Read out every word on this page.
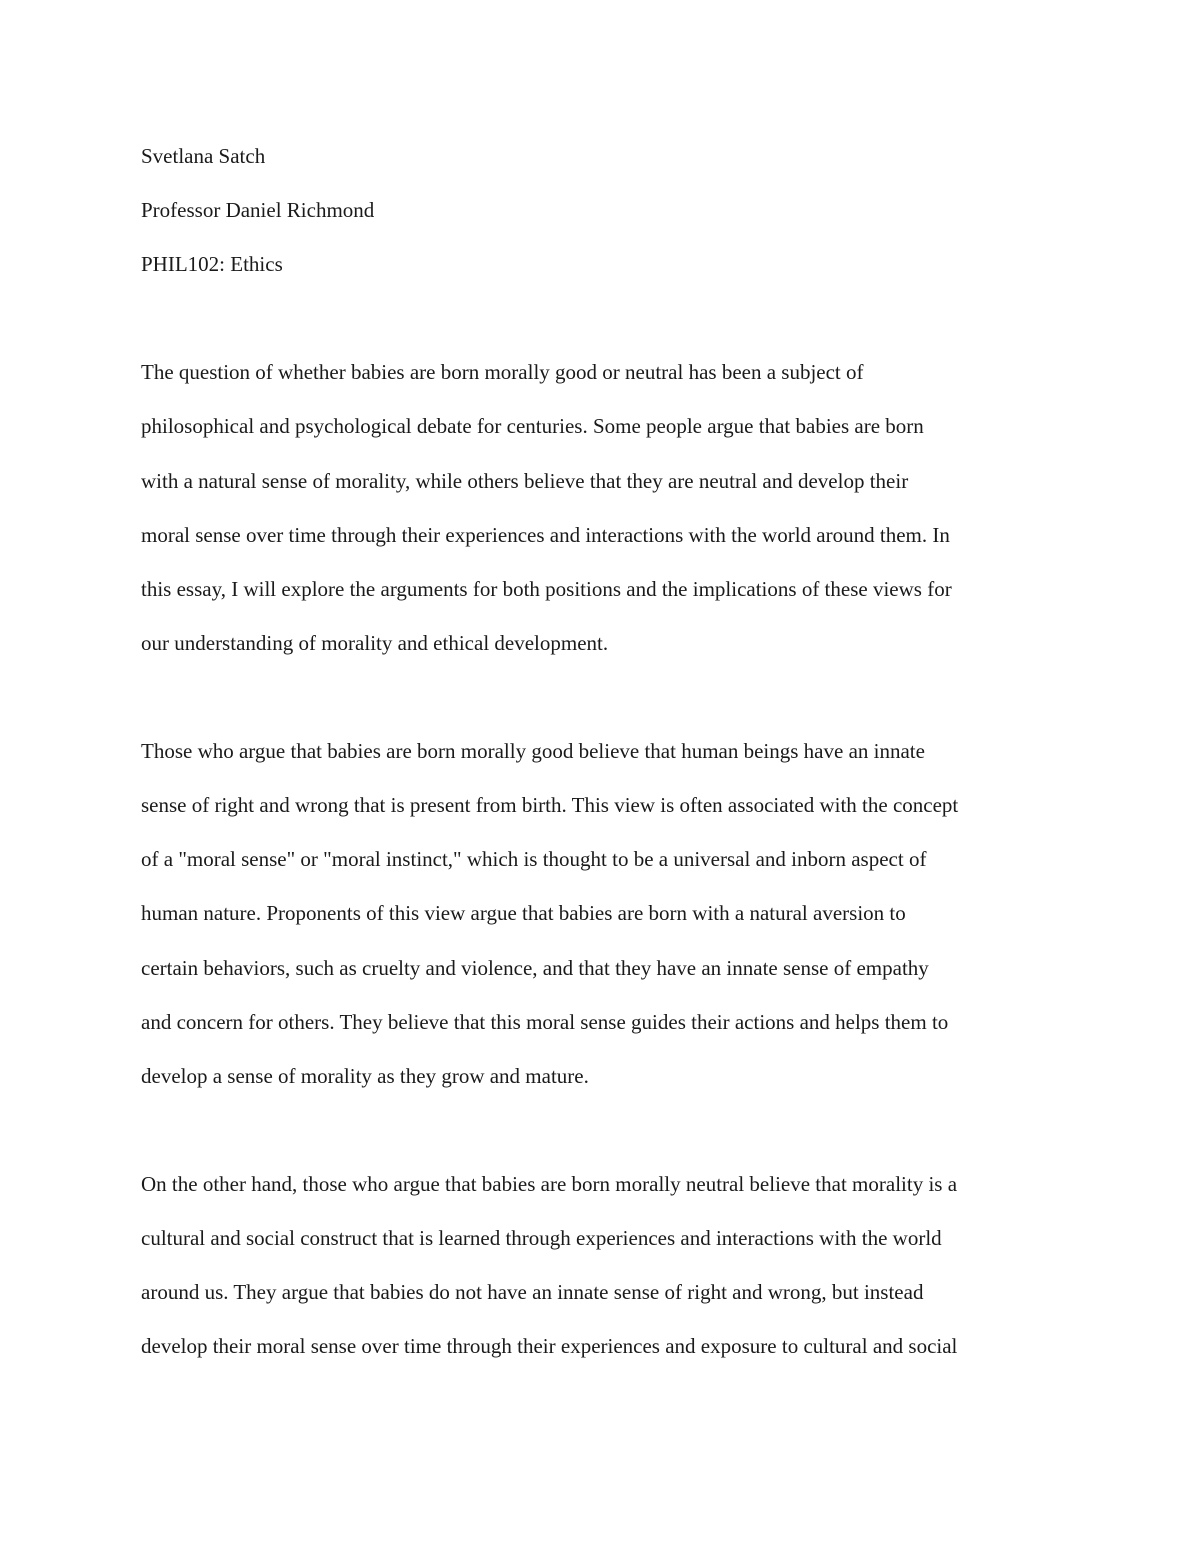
Svetlana Satch
Professor Daniel Richmond
PHIL102: Ethics
The question of whether babies are born morally good or neutral has been a subject of
philosophical and psychological debate for centuries. Some people argue that babies are born
with a natural sense of morality, while others believe that they are neutral and develop their
moral sense over time through their experiences and interactions with the world around them. In
this essay, I will explore the arguments for both positions and the implications of these views for
our understanding of morality and ethical development.
Those who argue that babies are born morally good believe that human beings have an innate
sense of right and wrong that is present from birth. This view is often associated with the concept
of a "moral sense" or "moral instinct," which is thought to be a universal and inborn aspect of
human nature. Proponents of this view argue that babies are born with a natural aversion to
certain behaviors, such as cruelty and violence, and that they have an innate sense of empathy
and concern for others. They believe that this moral sense guides their actions and helps them to
develop a sense of morality as they grow and mature.
On the other hand, those who argue that babies are born morally neutral believe that morality is a
cultural and social construct that is learned through experiences and interactions with the world
around us. They argue that babies do not have an innate sense of right and wrong, but instead
develop their moral sense over time through their experiences and exposure to cultural and social
